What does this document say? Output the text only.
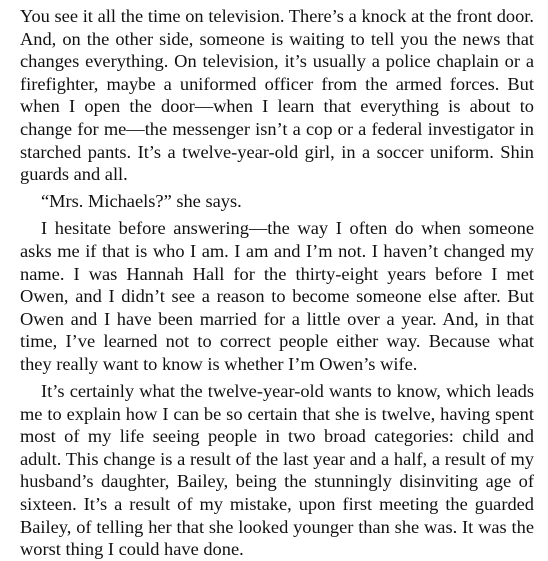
You see it all the time on television. There’s a knock at the front door. And, on the other side, someone is waiting to tell you the news that changes everything. On television, it’s usually a police chaplain or a firefighter, maybe a uniformed officer from the armed forces. But when I open the door—when I learn that everything is about to change for me—the messenger isn’t a cop or a federal investigator in starched pants. It’s a twelve-year-old girl, in a soccer uniform. Shin guards and all.

“Mrs. Michaels?” she says.

I hesitate before answering—the way I often do when someone asks me if that is who I am. I am and I’m not. I haven’t changed my name. I was Hannah Hall for the thirty-eight years before I met Owen, and I didn’t see a reason to become someone else after. But Owen and I have been married for a little over a year. And, in that time, I’ve learned not to correct people either way. Because what they really want to know is whether I’m Owen’s wife.

It’s certainly what the twelve-year-old wants to know, which leads me to explain how I can be so certain that she is twelve, having spent most of my life seeing people in two broad categories: child and adult. This change is a result of the last year and a half, a result of my husband’s daughter, Bailey, being the stunningly disinviting age of sixteen. It’s a result of my mistake, upon first meeting the guarded Bailey, of telling her that she looked younger than she was. It was the worst thing I could have done.
